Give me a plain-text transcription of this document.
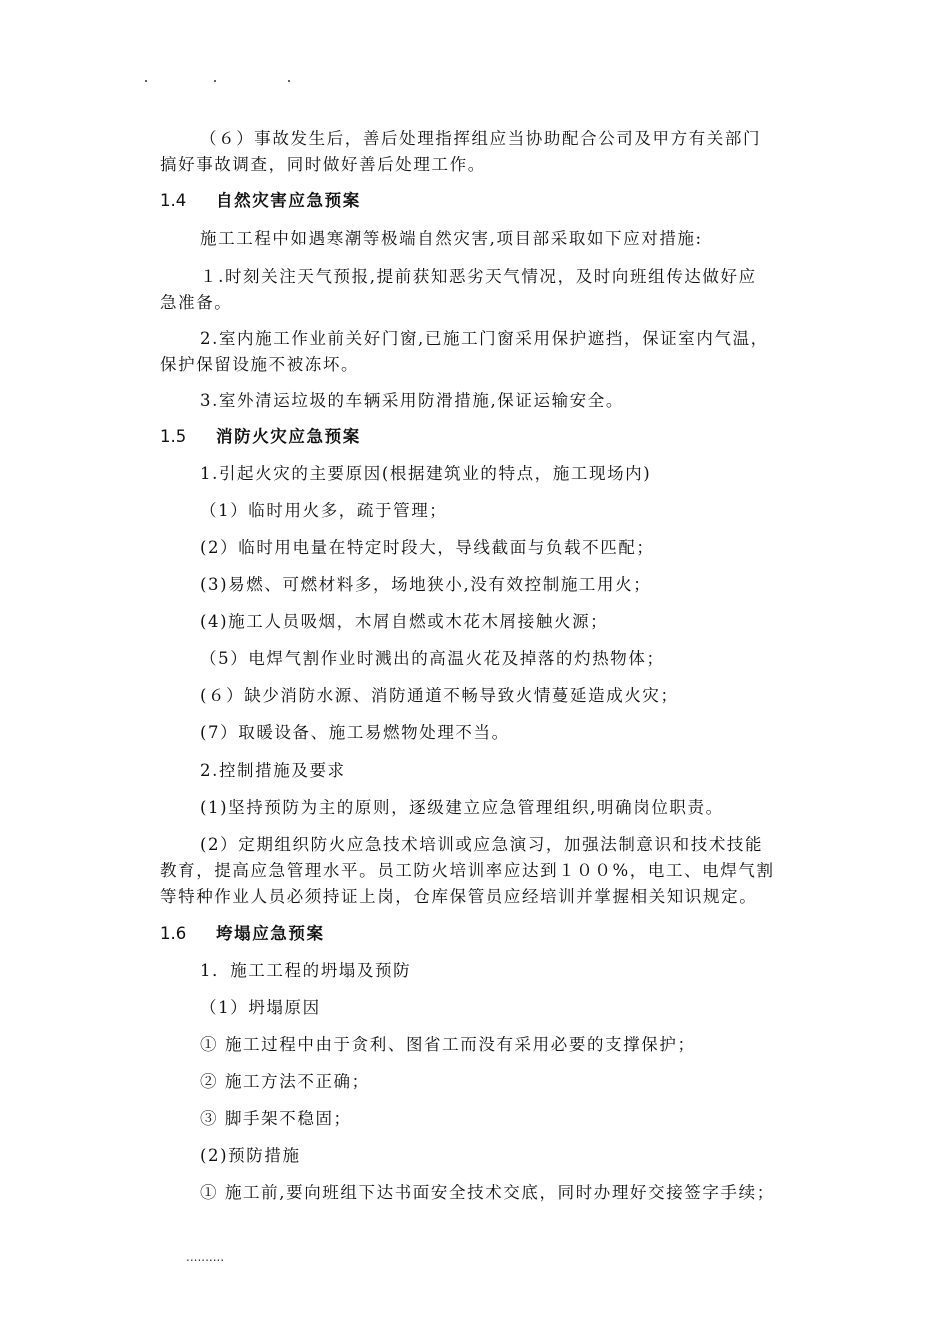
（６）事故发生后，善后处理指挥组应当协助配合公司及甲方有关部门
搞好事故调查，同时做好善后处理工作。
1.4 自然灾害应急预案
施工工程中如遇寒潮等极端自然灾害,项目部采取如下应对措施:
１.时刻关注天气预报,提前获知恶劣天气情况，及时向班组传达做好应
急准备。
2.室内施工作业前关好门窗,已施工门窗采用保护遮挡，保证室内气温，
保护保留设施不被冻坏。
3.室外清运垃圾的车辆采用防滑措施,保证运输安全。
1.5 消防火灾应急预案
1.引起火灾的主要原因(根据建筑业的特点，施工现场内)
（1）临时用火多，疏于管理；
(2）临时用电量在特定时段大，导线截面与负载不匹配；
(3)易燃、可燃材料多，场地狭小,没有效控制施工用火；
(4)施工人员吸烟，木屑自燃或木花木屑接触火源；
（5）电焊气割作业时溅出的高温火花及掉落的灼热物体；
(６）缺少消防水源、消防通道不畅导致火情蔓延造成火灾；
(7）取暖设备、施工易燃物处理不当。
2.控制措施及要求
(1)坚持预防为主的原则，逐级建立应急管理组织,明确岗位职责。
(2）定期组织防火应急技术培训或应急演习，加强法制意识和技术技能
教育，提高应急管理水平。员工防火培训率应达到１００%，电工、电焊气割
等特种作业人员必须持证上岗，仓库保管员应经培训并掌握相关知识规定。
1.6 垮塌应急预案
1．施工工程的坍塌及预防
（1）坍塌原因
① 施工过程中由于贪利、图省工而没有采用必要的支撑保护；
② 施工方法不正确；
③ 脚手架不稳固；
(2)预防措施
① 施工前,要向班组下达书面安全技术交底，同时办理好交接签字手续；
..........
